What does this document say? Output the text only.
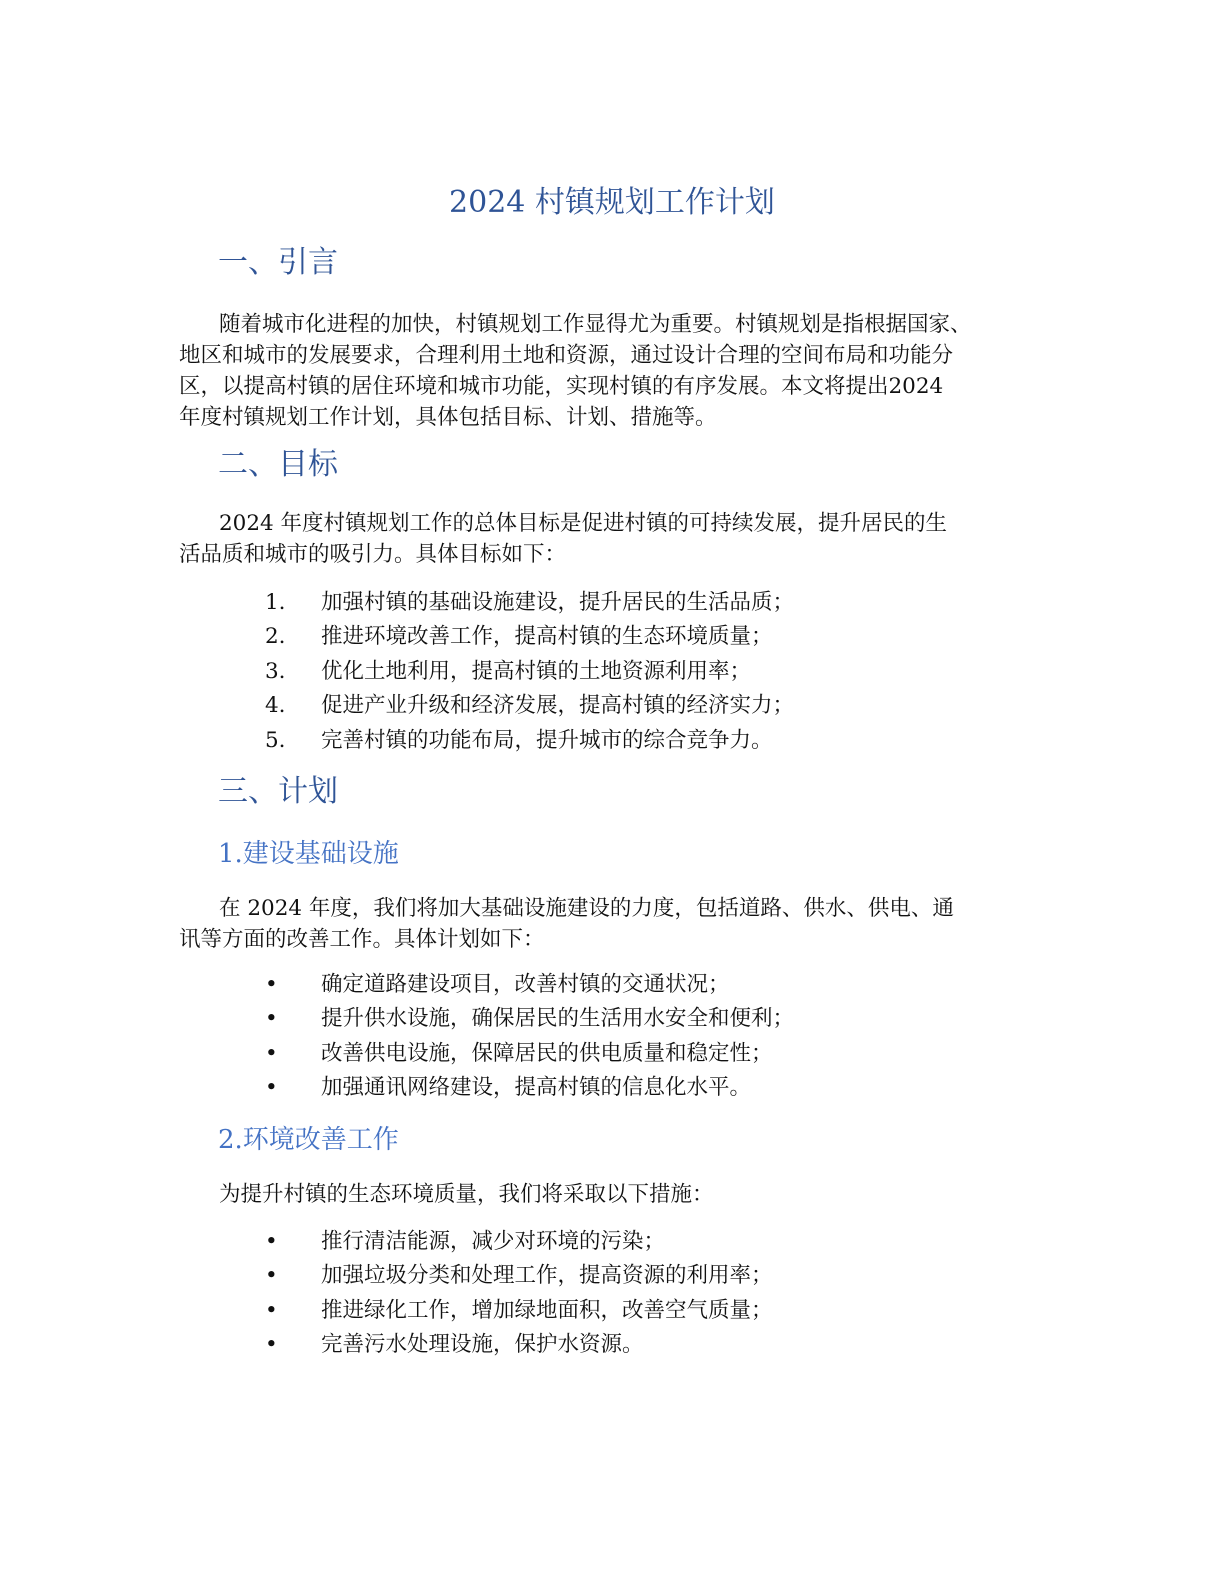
2024 村镇规划工作计划
一、引言
随着城市化进程的加快，村镇规划工作显得尤为重要。村镇规划是指根据国家、
地区和城市的发展要求，合理利用土地和资源，通过设计合理的空间布局和功能分
区，以提高村镇的居住环境和城市功能，实现村镇的有序发展。本文将提出2024
年度村镇规划工作计划，具体包括目标、计划、措施等。
二、目标
2024 年度村镇规划工作的总体目标是促进村镇的可持续发展，提升居民的生
活品质和城市的吸引力。具体目标如下：
1. 加强村镇的基础设施建设，提升居民的生活品质；
2. 推进环境改善工作，提高村镇的生态环境质量；
3. 优化土地利用，提高村镇的土地资源利用率；
4. 促进产业升级和经济发展，提高村镇的经济实力；
5. 完善村镇的功能布局，提升城市的综合竞争力。
三、计划
1.建设基础设施
在 2024 年度，我们将加大基础设施建设的力度，包括道路、供水、供电、通
讯等方面的改善工作。具体计划如下：
• 确定道路建设项目，改善村镇的交通状况；
• 提升供水设施，确保居民的生活用水安全和便利；
• 改善供电设施，保障居民的供电质量和稳定性；
• 加强通讯网络建设，提高村镇的信息化水平。
2.环境改善工作
为提升村镇的生态环境质量，我们将采取以下措施：
• 推行清洁能源，减少对环境的污染；
• 加强垃圾分类和处理工作，提高资源的利用率；
• 推进绿化工作，增加绿地面积，改善空气质量；
• 完善污水处理设施，保护水资源。
